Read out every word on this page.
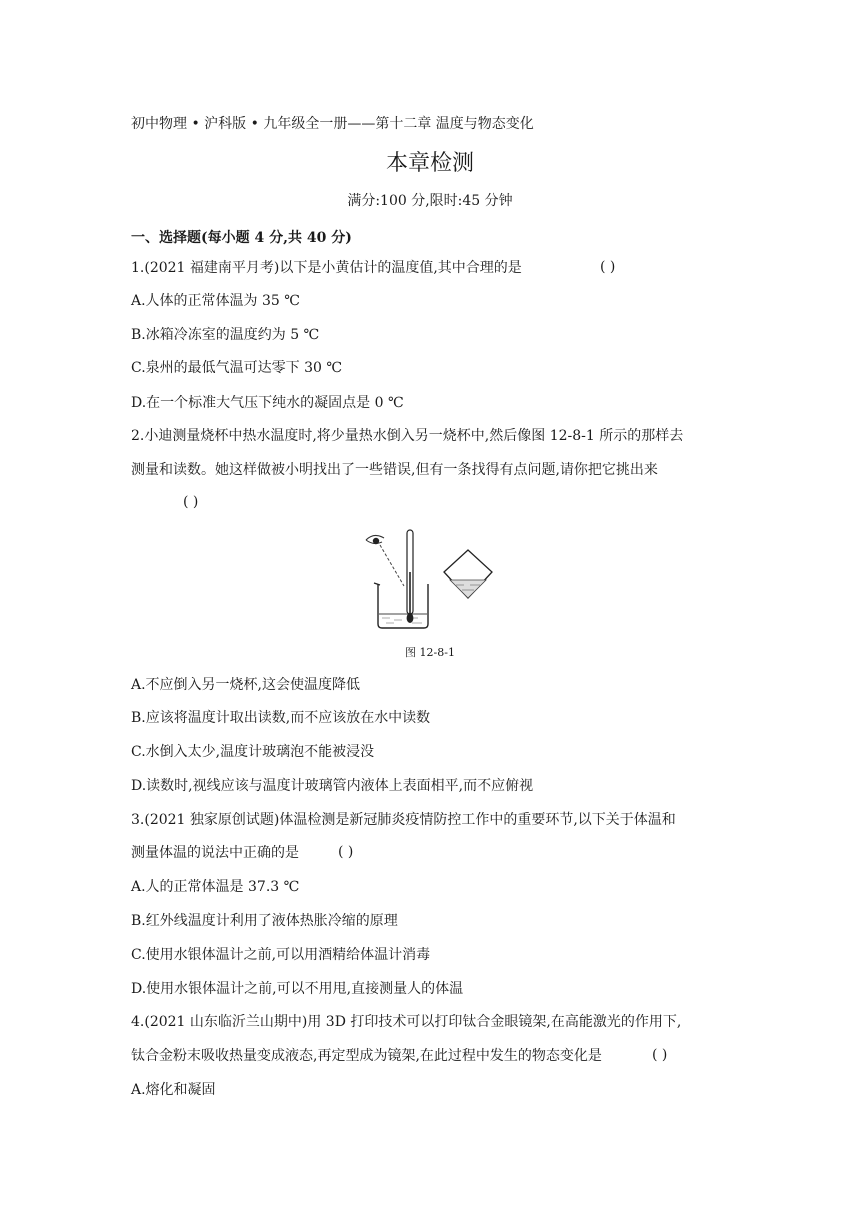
初中物理 • 沪科版 • 九年级全一册——第十二章 温度与物态变化
本章检测
满分:100 分,限时:45 分钟
一、选择题(每小题 4 分,共 40 分)
1.(2021 福建南平月考)以下是小黄估计的温度值,其中合理的是	( )
A.人体的正常体温为 35 ℃
B.冰箱冷冻室的温度约为 5 ℃
C.泉州的最低气温可达零下 30 ℃
D.在一个标准大气压下纯水的凝固点是 0 ℃
2.小迪测量烧杯中热水温度时,将少量热水倒入另一烧杯中,然后像图 12-8-1 所示的那样去
测量和读数。她这样做被小明找出了一些错误,但有一条找得有点问题,请你把它挑出来
( )
图 12-8-1
A.不应倒入另一烧杯,这会使温度降低
B.应该将温度计取出读数,而不应该放在水中读数
C.水倒入太少,温度计玻璃泡不能被浸没
D.读数时,视线应该与温度计玻璃管内液体上表面相平,而不应俯视
3.(2021 独家原创试题)体温检测是新冠肺炎疫情防控工作中的重要环节,以下关于体温和
测量体温的说法中正确的是	( )
A.人的正常体温是 37.3 ℃
B.红外线温度计利用了液体热胀冷缩的原理
C.使用水银体温计之前,可以用酒精给体温计消毒
D.使用水银体温计之前,可以不用甩,直接测量人的体温
4.(2021 山东临沂兰山期中)用 3D 打印技术可以打印钛合金眼镜架,在高能激光的作用下,
钛合金粉末吸收热量变成液态,再定型成为镜架,在此过程中发生的物态变化是	( )
A.熔化和凝固
